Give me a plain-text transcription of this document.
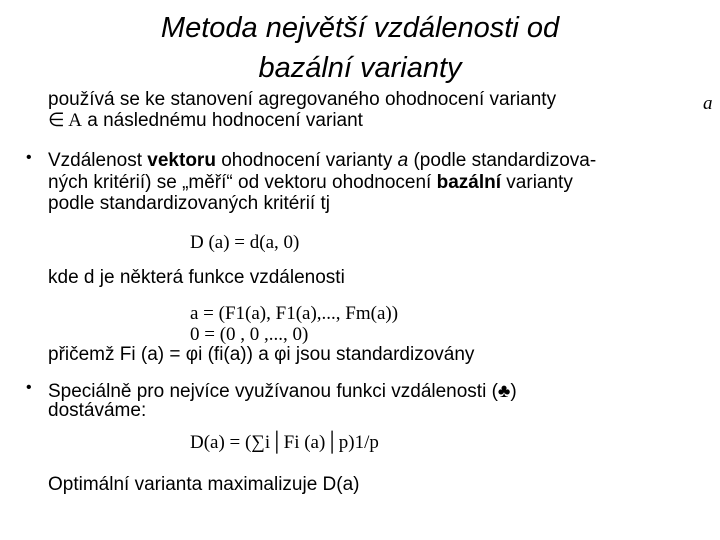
Metoda největší vzdálenosti od
bazální varianty
používá se ke stanovení agregovaného ohodnocení varianty
∈ A a následnému hodnocení variant
a
• Vzdálenost vektoru ohodnocení varianty a (podle standardizova-
ných kritérií) se „měří“ od vektoru ohodnocení bazální varianty
podle standardizovaných kritérií tj
D (a) = d(a, 0)
kde d je některá funkce vzdálenosti
a = (F1(a), F1(a),..., Fm(a))
0 = (0 , 0 ,..., 0)
přičemž Fi (a) = φi (fi(a)) a φi jsou standardizovány
• Speciálně pro nejvíce využívanou funkci vzdálenosti (♣)
dostáváme:
D(a) = (∑i│Fi (a)│p)1/p
Optimální varianta maximalizuje D(a)
